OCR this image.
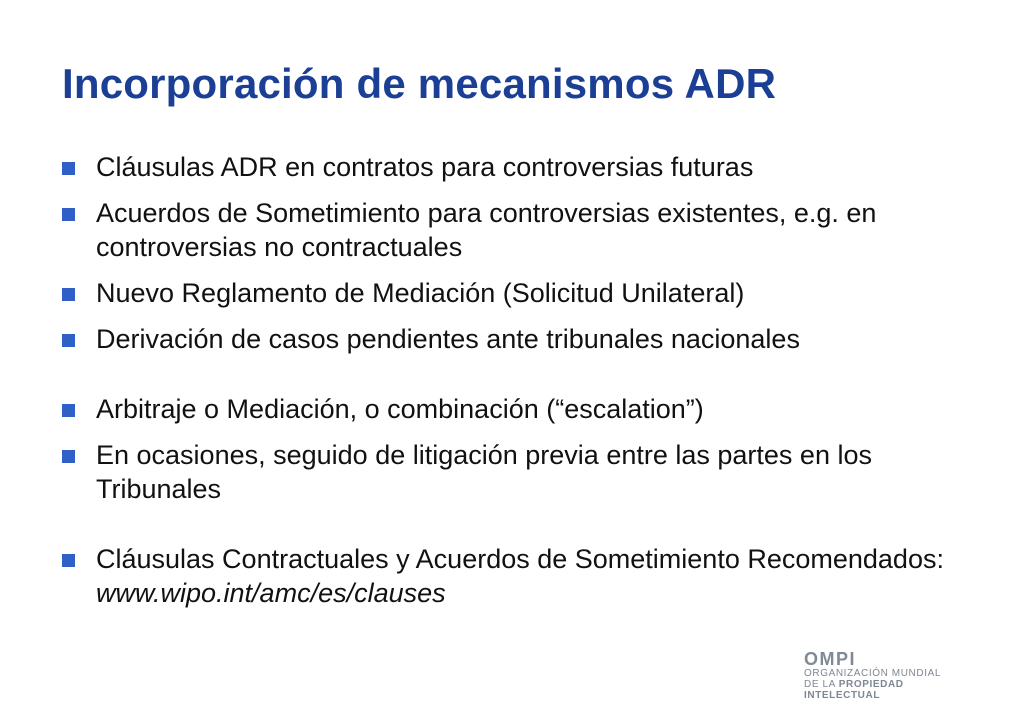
Incorporación de mecanismos ADR
Cláusulas ADR en contratos para controversias futuras
Acuerdos de Sometimiento para controversias existentes, e.g. en controversias no contractuales
Nuevo Reglamento de Mediación (Solicitud Unilateral)
Derivación de casos pendientes ante tribunales nacionales
Arbitraje o Mediación, o combinación (“escalation”)
En ocasiones, seguido de litigación previa entre las partes en los Tribunales
Cláusulas Contractuales y Acuerdos de Sometimiento Recomendados: www.wipo.int/amc/es/clauses
OMPI
ORGANIZACIÓN MUNDIAL
DE LA PROPIEDAD
INTELECTUAL
